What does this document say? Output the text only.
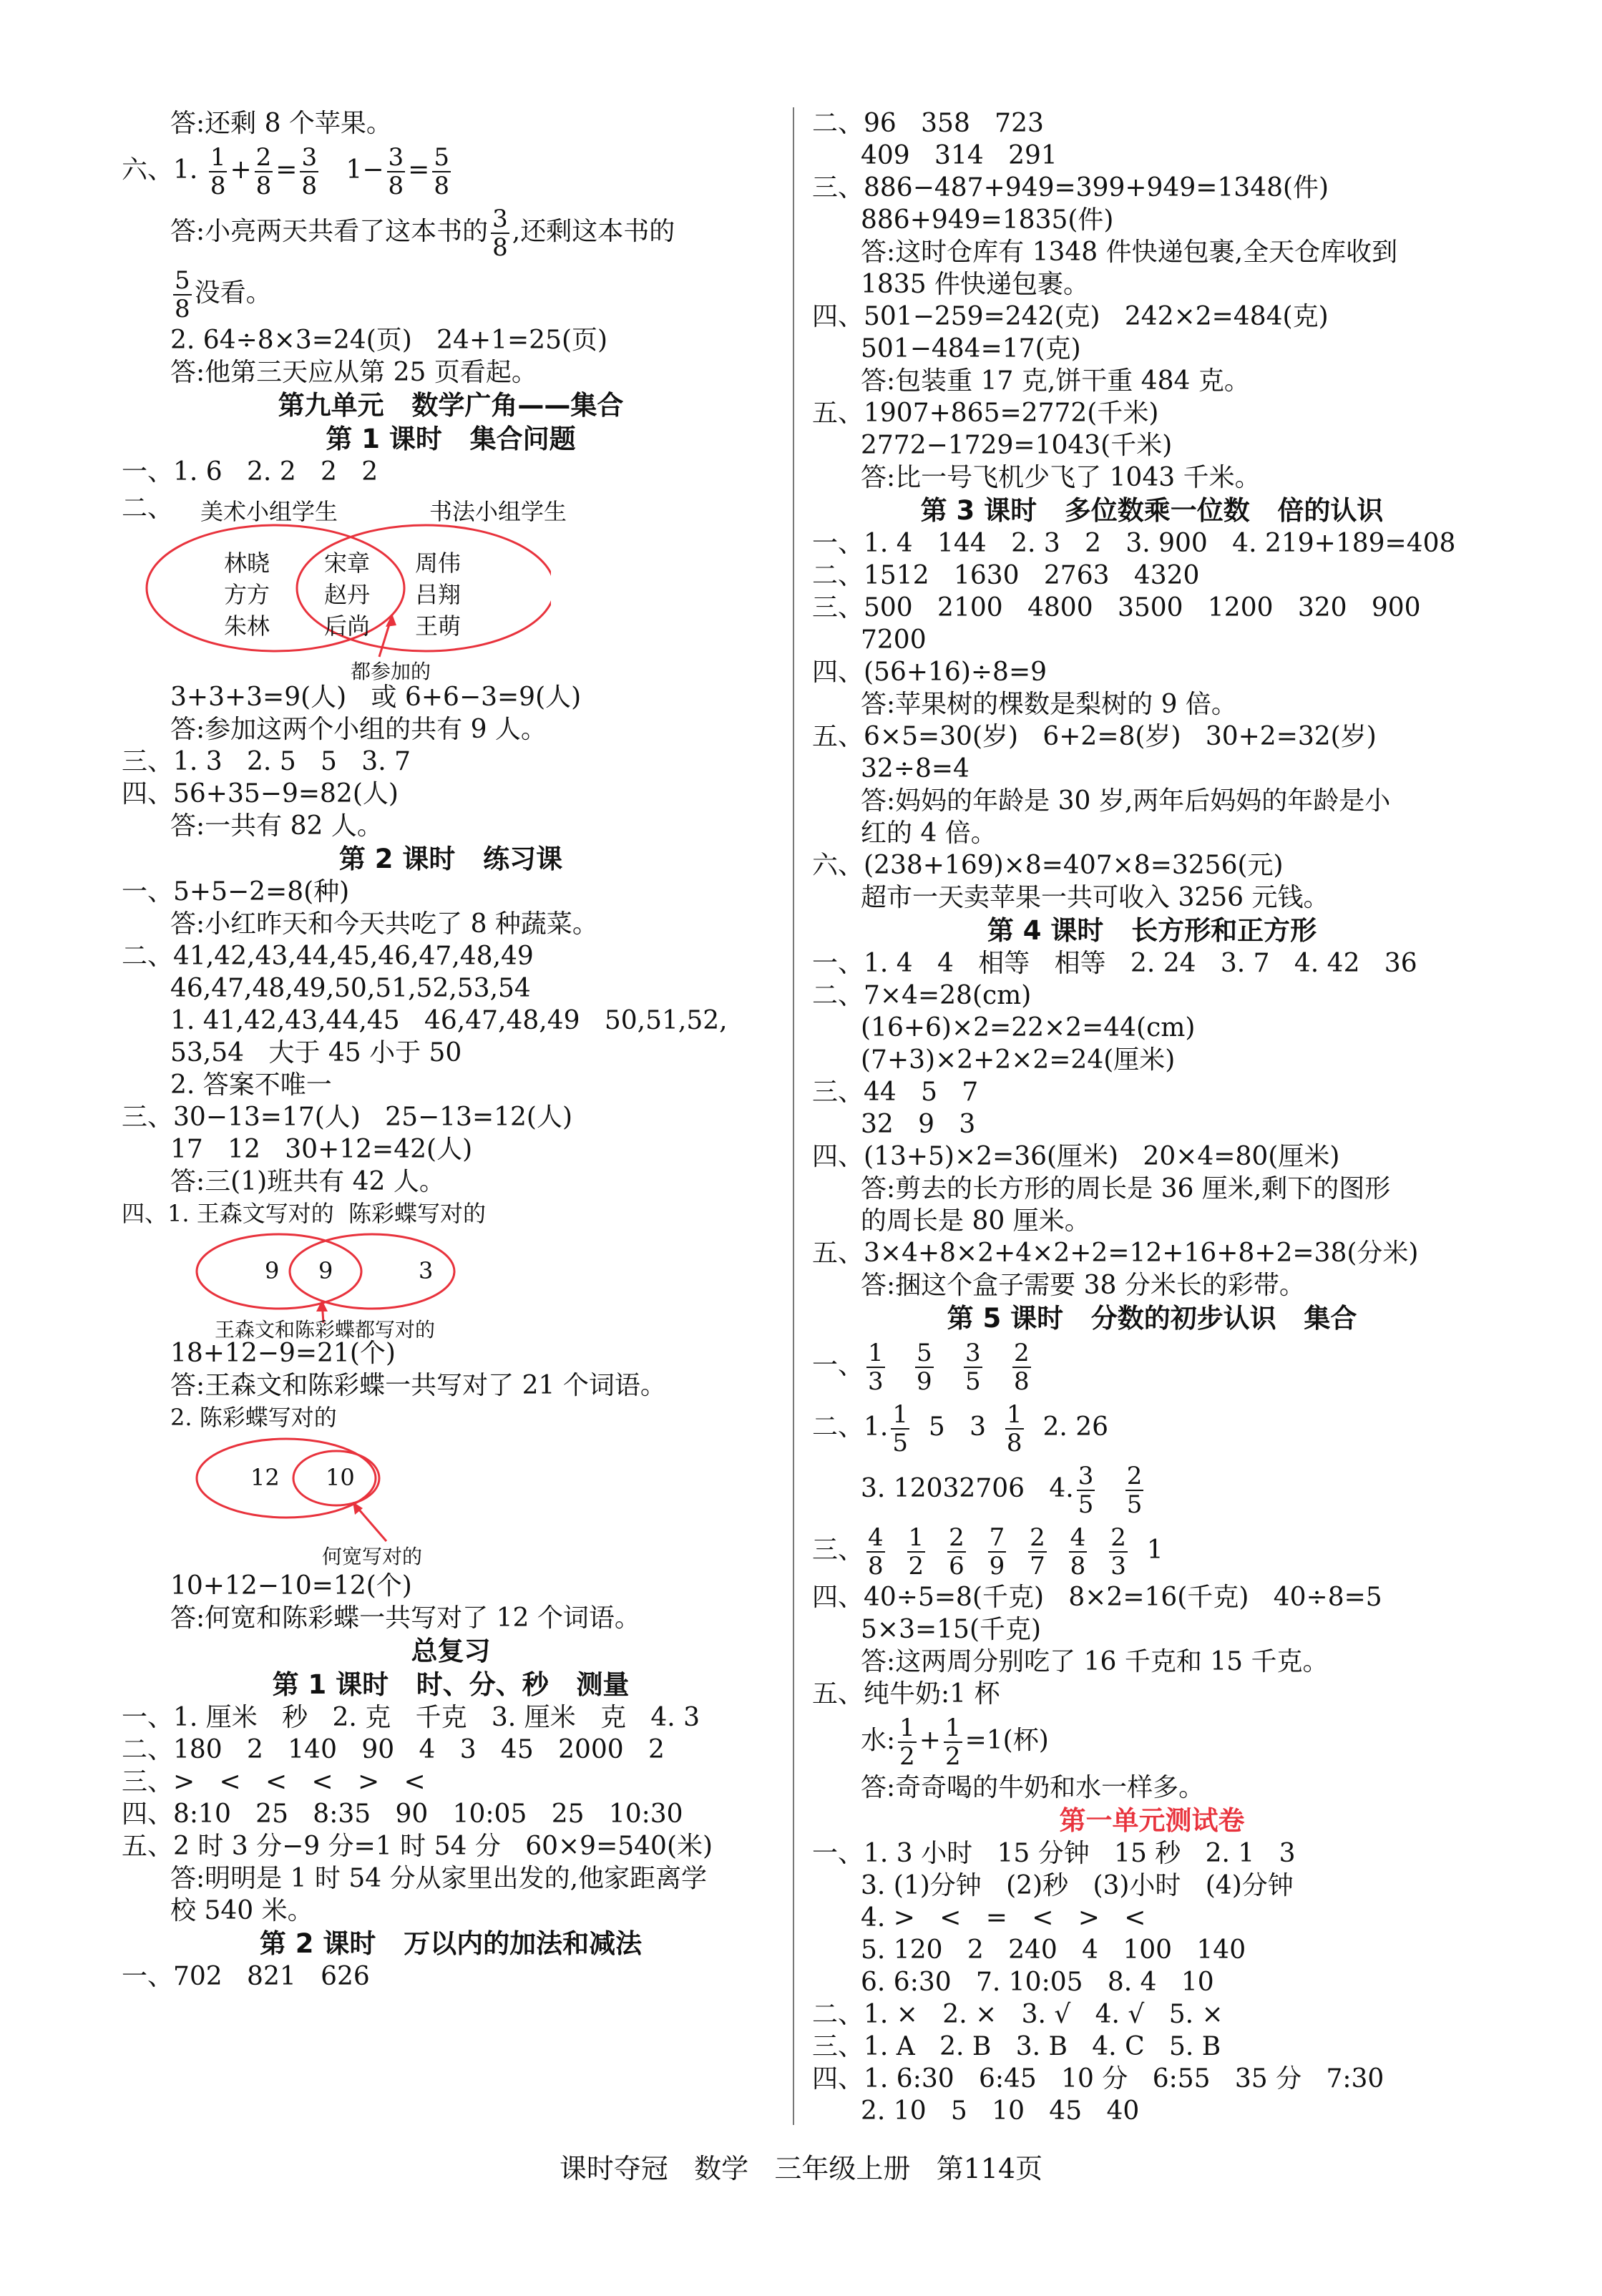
答:还剩 8 个苹果。
六、1. $\frac{1}{8} + \frac{2}{8} = \frac{3}{8} 1- \frac{3}{8} = \frac{5}{8}$
答:小亮两天共看了这本书的 $\frac{3}{8}$ ,还剩这本书的
$\frac{5}{8}$ 没看。
2. 64÷8×3=24(页)   24+1=25(页)
答:他第三天应从第 25 页看起。
第九单元   数学广角——集合
第 1 课时   集合问题
一、1. 6   2. 2   2   2
二、 美术小组学生	书法小组学生
林晓
方方
朱林
宋章
赵丹
后尚
周伟
吕翔
王萌
都参加的
3+3+3=9(人)   或 6+6−3=9(人)
答:参加这两个小组的共有 9 人。
三、1. 3   2. 5   5   3. 7
四、56+35−9=82(人)
答:一共有 82 人。
第 2 课时   练习课
一、5+5−2=8(种)
答:小红昨天和今天共吃了 8 种蔬菜。
二、41,42,43,44,45,46,47,48,49
46,47,48,49,50,51,52,53,54
1. 41,42,43,44,45   46,47,48,49   50,51,52,
53,54   大于 45 小于 50
2. 答案不唯一
三、30−13=17(人)   25−13=12(人)
17   12   30+12=42(人)
答:三(1)班共有 42 人。
四、1. 王森文写对的  陈彩蝶写对的
9 9	3
王森文和陈彩蝶都写对的
18+12−9=21(个)
答:王森文和陈彩蝶一共写对了 21 个词语。
2. 陈彩蝶写对的
12 10
何宽写对的
10+12−10=12(个)
答:何宽和陈彩蝶一共写对了 12 个词语。
总复习
第 1 课时   时、分、秒   测量
一、1. 厘米   秒   2. 克   千克   3. 厘米   克   4. 3
二、180   2   140   90   4   3   45   2000   2
三、>   <   <   <   >   <
四、8:10   25   8:35   90   10:05   25   10:30
五、2 时 3 分−9 分=1 时 54 分   60×9=540(米)
答:明明是 1 时 54 分从家里出发的,他家距离学
校 540 米。
第 2 课时   万以内的加法和减法
一、702   821   626
二、96   358   723
409   314   291
三、886−487+949=399+949=1348(件)
886+949=1835(件)
答:这时仓库有 1348 件快递包裹,全天仓库收到
1835 件快递包裹。
四、501−259=242(克)   242×2=484(克)
501−484=17(克)
答:包装重 17 克,饼干重 484 克。
五、1907+865=2772(千米)
2772−1729=1043(千米)
答:比一号飞机少飞了 1043 千米。
第 3 课时   多位数乘一位数   倍的认识
一、1. 4   144   2. 3   2   3. 900   4. 219+189=408
二、1512   1630   2763   4320
三、500   2100   4800   3500   1200   320   900
7200
四、(56+16)÷8=9
答:苹果树的棵数是梨树的 9 倍。
五、6×5=30(岁)   6+2=8(岁)   30+2=32(岁)
32÷8=4
答:妈妈的年龄是 30 岁,两年后妈妈的年龄是小
红的 4 倍。
六、(238+169)×8=407×8=3256(元)
超市一天卖苹果一共可收入 3256 元钱。
第 4 课时   长方形和正方形
一、1. 4   4   相等   相等   2. 24   3. 7   4. 42   36
二、7×4=28(cm)
(16+6)×2=22×2=44(cm)
(7+3)×2+2×2=24(厘米)
三、44   5   7
32   9   3
四、(13+5)×2=36(厘米)   20×4=80(厘米)
答:剪去的长方形的周长是 36 厘米,剩下的图形
的周长是 80 厘米。
五、3×4+8×2+4×2+2=12+16+8+2=38(分米)
答:捆这个盒子需要 38 分米长的彩带。
第 5 课时   分数的初步认识   集合
一、 $\frac{1}{3}$
$\frac{5}{9}$
$\frac{3}{5}$
$\frac{2}{8}$
二、1. $\frac{1}{5} 5$   $3 \frac{1}{8} 2$. 26
3. 12032706   4. $\frac{3}{5}$
$\frac{2}{5}$
三、 $\frac{4}{8}$
$\frac{1}{2}$
$\frac{2}{6}$
$\frac{7}{9}$
$\frac{2}{7}$
$\frac{4}{8}$
$\frac{2}{3} 1$
四、40÷5=8(千克)   8×2=16(千克)   40÷8=5
5×3=15(千克)
答:这两周分别吃了 16 千克和 15 千克。
五、纯牛奶:1 杯
水: $\frac{1}{2} + \frac{1}{2} =1$(杯)
答:奇奇喝的牛奶和水一样多。
第一单元测试卷
一、1. 3 小时   15 分钟   15 秒   2. 1   3
3. (1)分钟   (2)秒   (3)小时   (4)分钟
4. >   <   =   <   >   <
5. 120   2   240   4   100   140
6. 6:30   7. 10:05   8. 4   10
二、1. ×   2. ×   3. √   4. √   5. ×
三、1. A   2. B   3. B   4. C   5. B
四、1. 6:30   6:45   10 分   6:55   35 分   7:30
2. 10   5   10   45   40
课时夺冠   数学   三年级上册   第114页
